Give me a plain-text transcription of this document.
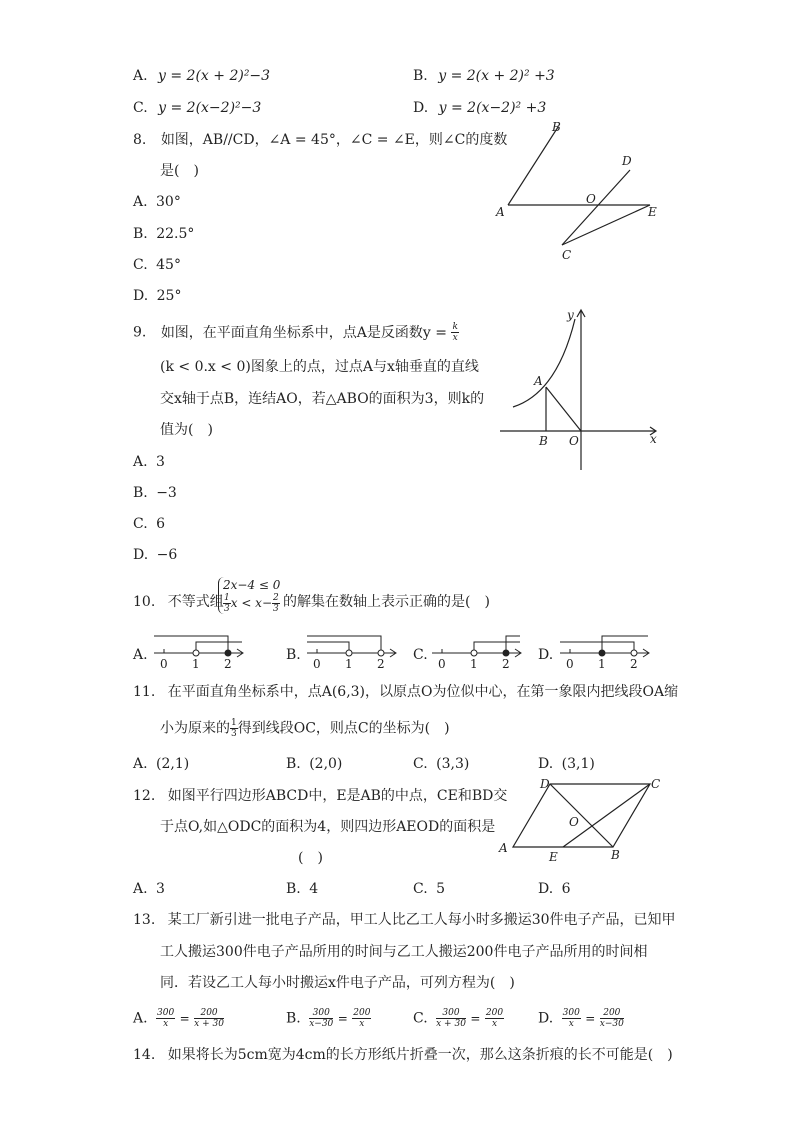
A. y = 2(x + 2)²−3	B. y = 2(x + 2)² +3
C. y = 2(x−2)²−3	D. y = 2(x−2)² +3
8. 如图，AB//CD，∠A = 45°，∠C = ∠E，则∠C的度数
是(　)
A. 30°
B. 22.5°
C. 45°
D. 25°
B
D
O
A	E
C
9. 如图，在平面直角坐标系中，点A是反函数$y = \frac{k}{x}$
(k < 0.x < 0)图象上的点，过点A与x轴垂直的直线
交x轴于点B，连结AO，若△ABO的面积为3，则k的
值为(　)
A. 3
B. −3
C. 6
D. −6
y
x
A
B O
10. 不等式组
2x−4 ≤ 0
$\frac{1}{3}$ $x < x- \frac{2}{3}$ 的解集在数轴上表示正确的是(　)
A.
0 1 2
B.
0 1 2
C.
0 1 2
D.
0 1 2
11. 在平面直角坐标系中，点A(6,3)，以原点O为位似中心，在第一象限内把线段OA缩
小为原来的 $\frac{1}{3}$ 得到线段OC，则点C的坐标为(　)
A. (2,1)	B. (2,0)	C. (3,3)	D. (3,1)
12. 如图平行四边形ABCD中，E是AB的中点，CE和BD交
于点O,如△ODC的面积为4，则四边形AEOD的面积是
(　)
A. 3	B. 4	C. 5	D. 6
D	C
O
A
E	B
13. 某工厂新引进一批电子产品，甲工人比乙工人每小时多搬运30件电子产品，已知甲
工人搬运300件电子产品所用的时间与乙工人搬运200件电子产品所用的时间相
同．若设乙工人每小时搬运x件电子产品，可列方程为(　)
A. $\frac{300}{x} = \frac{200}{x + 30}$	B. $\frac{300}{x-30} = \frac{200}{x}$	C. $\frac{300}{x + 30} = \frac{200}{x} D$. $\frac{300}{x} = \frac{200}{x-30}$
14. 如果将长为5cm宽为4cm的长方形纸片折叠一次，那么这条折痕的长不可能是(　)
